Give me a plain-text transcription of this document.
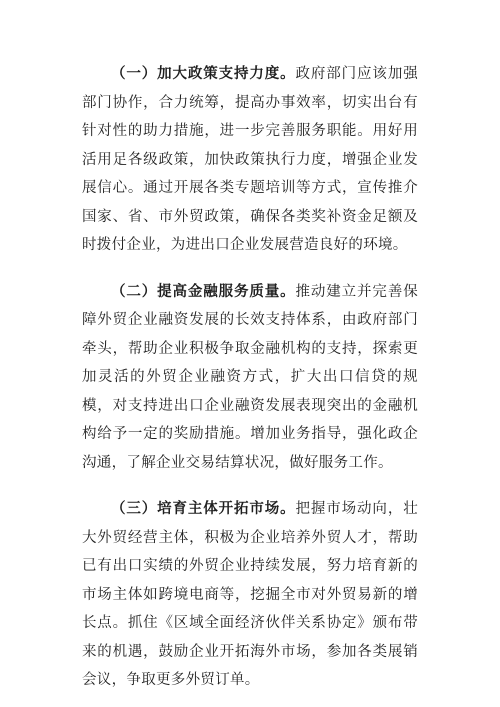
（一）加大政策支持力度。政府部门应该加强部门协作，合力统筹，提高办事效率，切实出台有针对性的助力措施，进一步完善服务职能。用好用活用足各级政策，加快政策执行力度，增强企业发展信心。通过开展各类专题培训等方式，宣传推介国家、省、市外贸政策，确保各类奖补资金足额及时拨付企业，为进出口企业发展营造良好的环境。

（二）提高金融服务质量。推动建立并完善保障外贸企业融资发展的长效支持体系，由政府部门牵头，帮助企业积极争取金融机构的支持，探索更加灵活的外贸企业融资方式，扩大出口信贷的规模，对支持进出口企业融资发展表现突出的金融机构给予一定的奖励措施。增加业务指导，强化政企沟通，了解企业交易结算状况，做好服务工作。

（三）培育主体开拓市场。把握市场动向，壮大外贸经营主体，积极为企业培养外贸人才，帮助已有出口实绩的外贸企业持续发展，努力培育新的市场主体如跨境电商等，挖掘全市对外贸易新的增长点。抓住《区域全面经济伙伴关系协定》颁布带来的机遇，鼓励企业开拓海外市场，参加各类展销会议，争取更多外贸订单。
